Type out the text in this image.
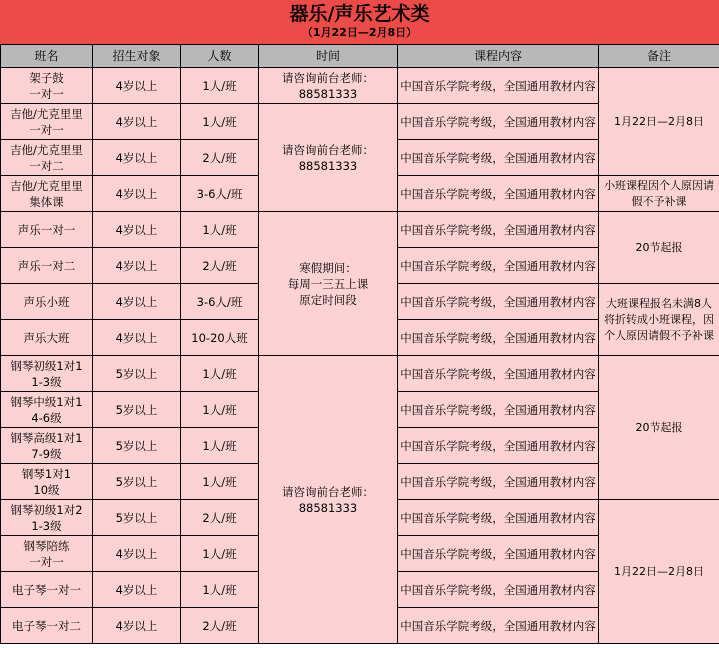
器乐/声乐艺术类
（1月22日—2月8日）
班名	招生对象	人数	时间	课程内容	备注
架子鼓
一对一	4岁以上	1人/班	请咨询前台老师：
88581333	中国音乐学院考级，全国通用教材内容	1月22日—2月8日
吉他/尤克里里
一对一	4岁以上	1人/班	请咨询前台老师：
88581333	中国音乐学院考级，全国通用教材内容	
吉他/尤克里里
一对二	4岁以上	2人/班		中国音乐学院考级，全国通用教材内容	
吉他/尤克里里
集体课	4岁以上	3-6人/班		中国音乐学院考级，全国通用教材内容	小班课程因个人原因请假不予补课
声乐一对一	4岁以上	1人/班	寒假期间：
每周一三五上课
原定时间段	中国音乐学院考级，全国通用教材内容	20节起报
声乐一对二	4岁以上	2人/班		中国音乐学院考级，全国通用教材内容	
声乐小班	4岁以上	3-6人/班		中国音乐学院考级，全国通用教材内容	大班课程报名未满8人将折转成小班课程，因个人原因请假不予补课
声乐大班	4岁以上	10-20人班		中国音乐学院考级，全国通用教材内容	
钢琴初级1对1
1-3级	5岁以上	1人/班	请咨询前台老师：
88581333	中国音乐学院考级，全国通用教材内容	20节起报
钢琴中级1对1
4-6级	5岁以上	1人/班		中国音乐学院考级，全国通用教材内容	
钢琴高级1对1
7-9级	5岁以上	1人/班		中国音乐学院考级，全国通用教材内容	
钢琴1对1
10级	5岁以上	1人/班		中国音乐学院考级，全国通用教材内容	
钢琴初级1对2
1-3级	5岁以上	2人/班		中国音乐学院考级，全国通用教材内容	1月22日—2月8日
钢琴陪练
一对一	4岁以上	1人/班		中国音乐学院考级，全国通用教材内容	
电子琴一对一	4岁以上	1人/班		中国音乐学院考级，全国通用教材内容	
电子琴一对二	4岁以上	2人/班		中国音乐学院考级，全国通用教材内容	
